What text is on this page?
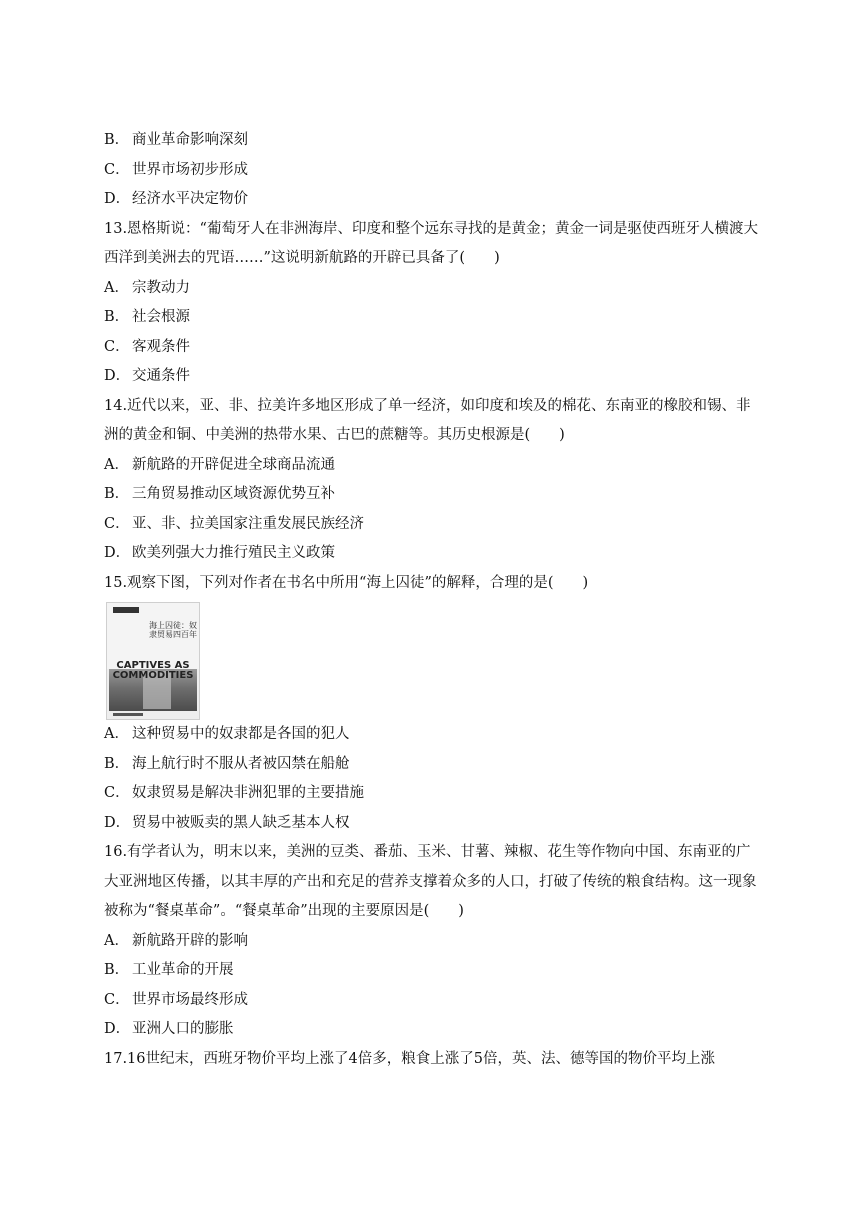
B． 商业革命影响深刻
C． 世界市场初步形成
D． 经济水平决定物价
13.恩格斯说：“葡萄牙人在非洲海岸、印度和整个远东寻找的是黄金；黄金一词是驱使西班牙人横渡大西洋到美洲去的咒语……”这说明新航路的开辟已具备了(　　)
A． 宗教动力
B． 社会根源
C． 客观条件
D． 交通条件
14.近代以来，亚、非、拉美许多地区形成了单一经济，如印度和埃及的棉花、东南亚的橡胶和锡、非洲的黄金和铜、中美洲的热带水果、古巴的蔗糖等。其历史根源是(　　)
A． 新航路的开辟促进全球商品流通
B． 三角贸易推动区域资源优势互补
C． 亚、非、拉美国家注重发展民族经济
D． 欧美列强大力推行殖民主义政策
15.观察下图，下列对作者在书名中所用“海上囚徒”的解释，合理的是(　　)
海上囚徒：奴隶贸易四百年
CAPTIVES AS COMMODITIES
A． 这种贸易中的奴隶都是各国的犯人
B． 海上航行时不服从者被囚禁在船舱
C． 奴隶贸易是解决非洲犯罪的主要措施
D． 贸易中被贩卖的黑人缺乏基本人权
16.有学者认为，明末以来，美洲的豆类、番茄、玉米、甘薯、辣椒、花生等作物向中国、东南亚的广大亚洲地区传播，以其丰厚的产出和充足的营养支撑着众多的人口，打破了传统的粮食结构。这一现象被称为“餐桌革命”。“餐桌革命”出现的主要原因是(　　)
A． 新航路开辟的影响
B． 工业革命的开展
C． 世界市场最终形成
D． 亚洲人口的膨胀
17.16世纪末，西班牙物价平均上涨了4倍多，粮食上涨了5倍，英、法、德等国的物价平均上涨
